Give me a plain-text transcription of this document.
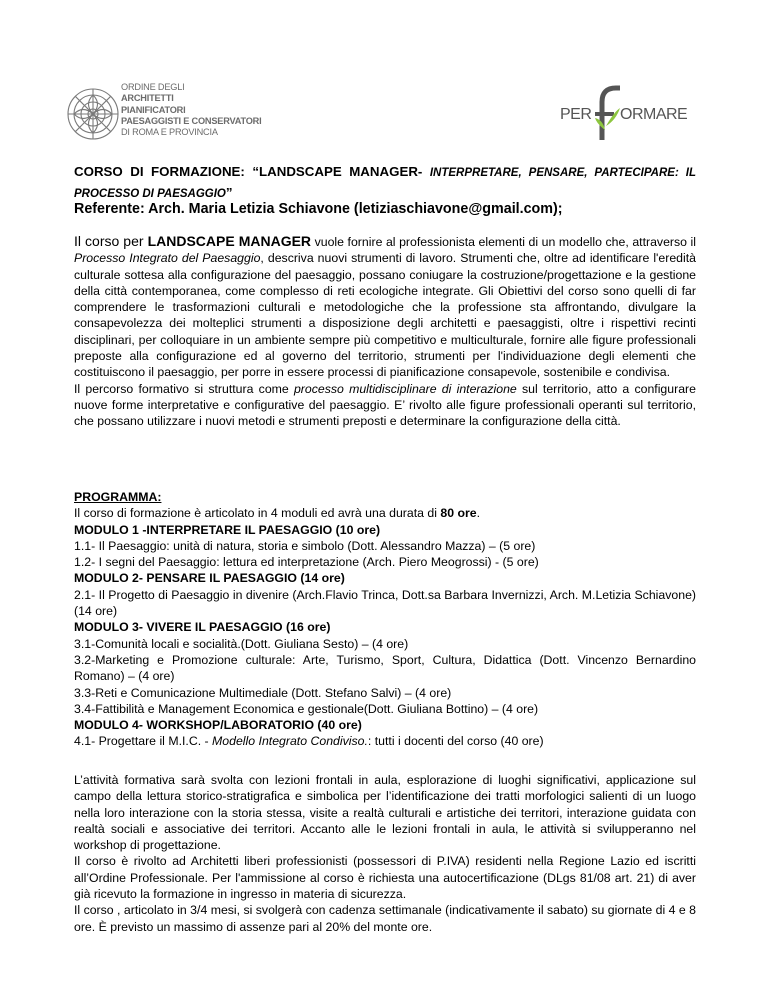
ORDINE DEGLI
ARCHITETTI
PIANIFICATORI
PAESAGGISTI E CONSERVATORI
DI ROMA E PROVINCIA
PER ORMARE
CORSO DI FORMAZIONE: “LANDSCAPE MANAGER- INTERPRETARE, PENSARE, PARTECIPARE: IL PROCESSO DI PAESAGGIO”
Referente: Arch. Maria Letizia Schiavone (letiziaschiavone@gmail.com);

Il corso per LANDSCAPE MANAGER vuole fornire al professionista elementi di un modello che, attraverso il Processo Integrato del Paesaggio, descriva nuovi strumenti di lavoro. Strumenti che, oltre ad identificare l'eredità culturale sottesa alla configurazione del paesaggio, possano coniugare la costruzione/progettazione e la gestione della città contemporanea, come complesso di reti ecologiche integrate. Gli Obiettivi del corso sono quelli di far comprendere le trasformazioni culturali e metodologiche che la professione sta affrontando, divulgare la consapevolezza dei molteplici strumenti a disposizione degli architetti e paesaggisti, oltre i rispettivi recinti disciplinari, per colloquiare in un ambiente sempre più competitivo e multiculturale, fornire alle figure professionali preposte alla configurazione ed al governo del territorio, strumenti per l'individuazione degli elementi che costituiscono il paesaggio, per porre in essere processi di pianificazione consapevole, sostenibile e condivisa.

Il percorso formativo si struttura come processo multidisciplinare di interazione sul territorio, atto a configurare nuove forme interpretative e configurative del paesaggio. E’ rivolto alle figure professionali operanti sul territorio, che possano utilizzare i nuovi metodi e strumenti preposti e determinare la configurazione della città.

PROGRAMMA:

Il corso di formazione è articolato in 4 moduli ed avrà una durata di 80 ore.

MODULO 1 -INTERPRETARE IL PAESAGGIO (10 ore)

1.1- Il Paesaggio: unità di natura, storia e simbolo (Dott. Alessandro Mazza) – (5 ore)

1.2- I segni del Paesaggio: lettura ed interpretazione (Arch. Piero Meogrossi) - (5 ore)

MODULO 2- PENSARE IL PAESAGGIO (14 ore)

2.1- Il Progetto di Paesaggio in divenire (Arch.Flavio Trinca, Dott.sa Barbara Invernizzi, Arch. M.Letizia Schiavone) (14 ore)

MODULO 3- VIVERE IL PAESAGGIO (16 ore)

3.1-Comunità locali e socialità.(Dott. Giuliana Sesto) – (4 ore)

3.2-Marketing e Promozione culturale: Arte, Turismo, Sport, Cultura, Didattica (Dott. Vincenzo Bernardino Romano) – (4 ore)

3.3-Reti e Comunicazione Multimediale (Dott. Stefano Salvi) – (4 ore)

3.4-Fattibilità e Management Economica e gestionale(Dott. Giuliana Bottino) – (4 ore)

MODULO 4- WORKSHOP/LABORATORIO (40 ore)

4.1- Progettare il M.I.C. - Modello Integrato Condiviso.: tutti i docenti del corso (40 ore)

L’attività formativa sarà svolta con lezioni frontali in aula, esplorazione di luoghi significativi, applicazione sul campo della lettura storico-stratigrafica e simbolica per l’identificazione dei tratti morfologici salienti di un luogo nella loro interazione con la storia stessa, visite a realtà culturali e artistiche dei territori, interazione guidata con realtà sociali e associative dei territori. Accanto alle le lezioni frontali in aula, le attività si svilupperanno nel workshop di progettazione.

Il corso è rivolto ad Architetti liberi professionisti (possessori di P.IVA) residenti nella Regione Lazio ed iscritti all’Ordine Professionale. Per l'ammissione al corso è richiesta una autocertificazione (DLgs 81/08 art. 21) di aver già ricevuto la formazione in ingresso in materia di sicurezza.

Il corso , articolato in 3/4 mesi, si svolgerà con cadenza settimanale (indicativamente il sabato) su giornate di 4 e 8 ore. È previsto un massimo di assenze pari al 20% del monte ore.
